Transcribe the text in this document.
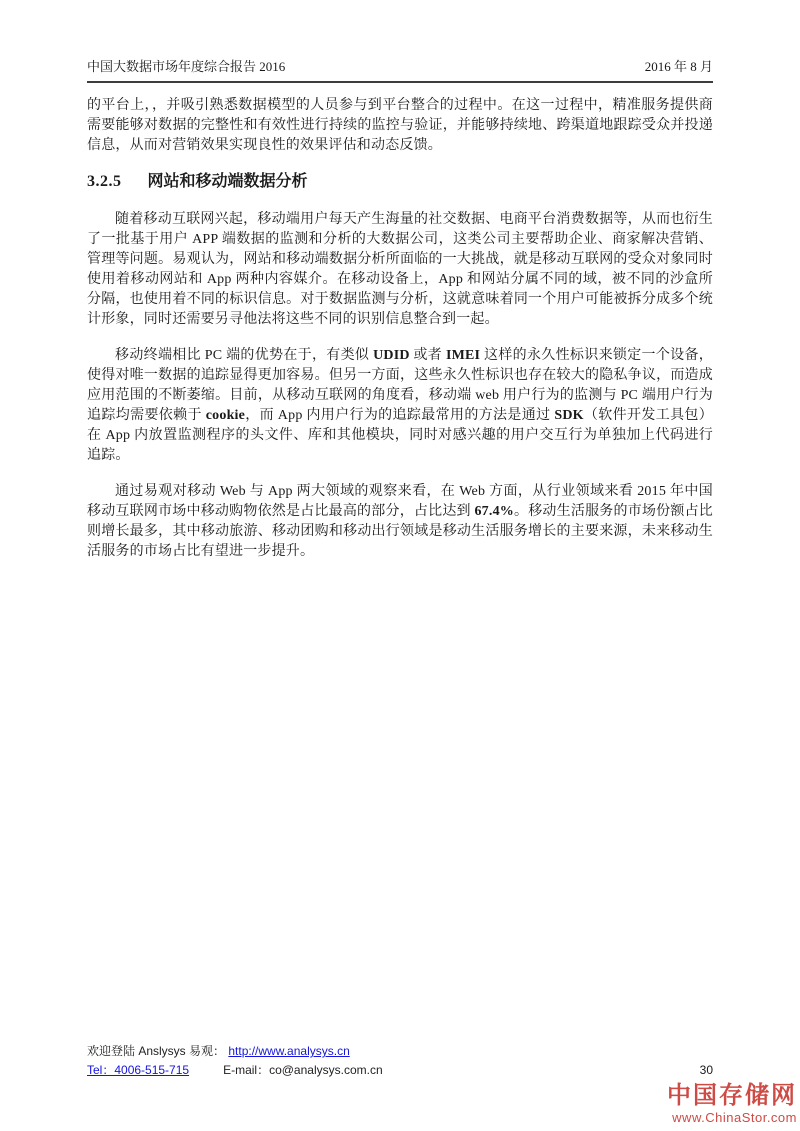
中国大数据市场年度综合报告 2016	2016 年 8 月

的平台上，，并吸引熟悉数据模型的人员参与到平台整合的过程中。在这一过程中，精准服务提供商需要能够对数据的完整性和有效性进行持续的监控与验证，并能够持续地、跨渠道地跟踪受众并投递信息，从而对营销效果实现良性的效果评估和动态反馈。

3.2.5 网站和移动端数据分析

随着移动互联网兴起，移动端用户每天产生海量的社交数据、电商平台消费数据等，从而也衍生了一批基于用户 APP 端数据的监测和分析的大数据公司，这类公司主要帮助企业、商家解决营销、管理等问题。易观认为，网站和移动端数据分析所面临的一大挑战，就是移动互联网的受众对象同时使用着移动网站和 App 两种内容媒介。在移动设备上，App 和网站分属不同的域，被不同的沙盒所分隔，也使用着不同的标识信息。对于数据监测与分析，这就意味着同一个用户可能被拆分成多个统计形象，同时还需要另寻他法将这些不同的识别信息整合到一起。

移动终端相比 PC 端的优势在于，有类似 UDID 或者 IMEI 这样的永久性标识来锁定一个设备，使得对唯一数据的追踪显得更加容易。但另一方面，这些永久性标识也存在较大的隐私争议，而造成应用范围的不断萎缩。目前，从移动互联网的角度看，移动端 web 用户行为的监测与 PC 端用户行为追踪均需要依赖于 cookie，而 App 内用户行为的追踪最常用的方法是通过 SDK（软件开发工具包）在 App 内放置监测程序的头文件、库和其他模块，同时对感兴趣的用户交互行为单独加上代码进行追踪。

通过易观对移动 Web 与 App 两大领域的观察来看，在 Web 方面，从行业领域来看 2015 年中国移动互联网市场中移动购物依然是占比最高的部分，占比达到 67.4%。移动生活服务的市场份额占比则增长最多，其中移动旅游、移动团购和移动出行领域是移动生活服务增长的主要来源，未来移动生活服务的市场占比有望进一步提升。

欢迎登陆 Anslysys 易观： http://www.analysys.cn
Tel：4006-515-715	E-mail：co@analysys.com.cn	30
中国存储网
www.ChinaStor.com
